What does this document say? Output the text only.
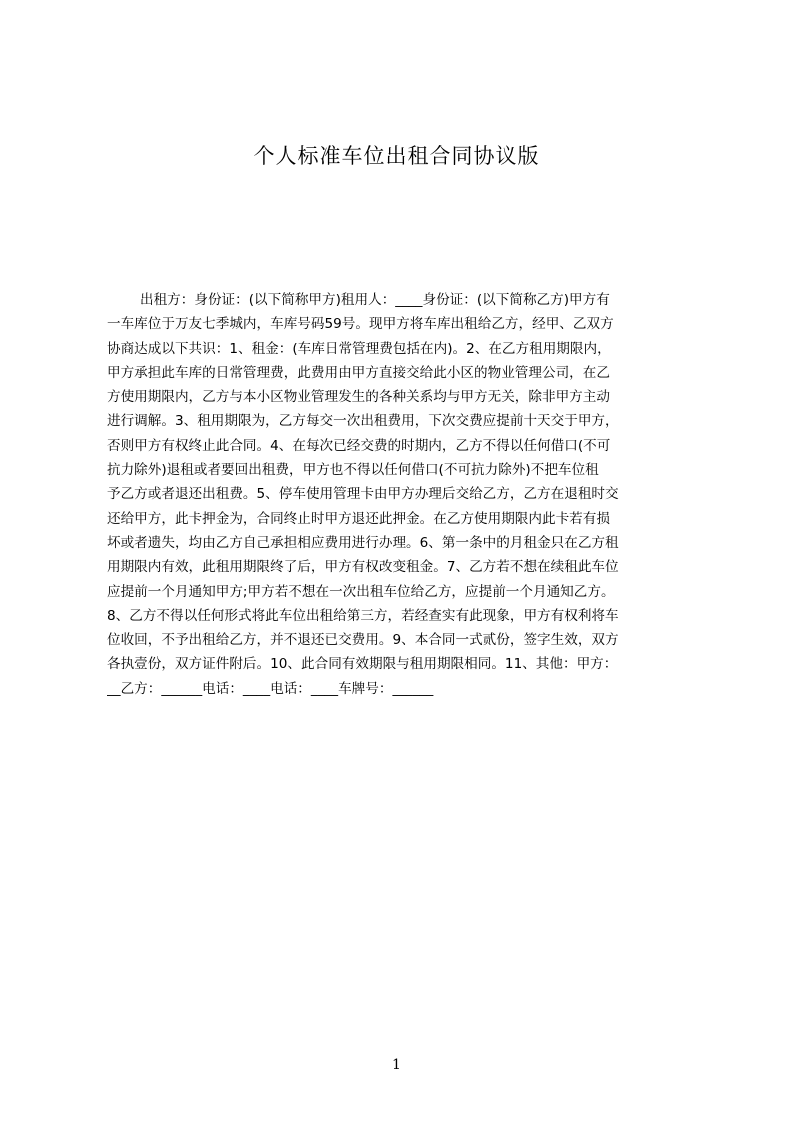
个人标准车位出租合同协议版
出租方：身份证：(以下简称甲方)租用人：____身份证：(以下简称乙方)甲方有
一车库位于万友七季城内，车库号码59号。现甲方将车库出租给乙方，经甲、乙双方
协商达成以下共识：1、租金：(车库日常管理费包括在内)。2、在乙方租用期限内，
甲方承担此车库的日常管理费，此费用由甲方直接交给此小区的物业管理公司，在乙
方使用期限内，乙方与本小区物业管理发生的各种关系均与甲方无关，除非甲方主动
进行调解。3、租用期限为，乙方每交一次出租费用，下次交费应提前十天交于甲方，
否则甲方有权终止此合同。4、在每次已经交费的时期内，乙方不得以任何借口(不可
抗力除外)退租或者要回出租费，甲方也不得以任何借口(不可抗力除外)不把车位租
予乙方或者退还出租费。5、停车使用管理卡由甲方办理后交给乙方，乙方在退租时交
还给甲方，此卡押金为，合同终止时甲方退还此押金。在乙方使用期限内此卡若有损
坏或者遗失，均由乙方自己承担相应费用进行办理。6、第一条中的月租金只在乙方租
用期限内有效，此租用期限终了后，甲方有权改变租金。7、乙方若不想在续租此车位
应提前一个月通知甲方;甲方若不想在一次出租车位给乙方，应提前一个月通知乙方。
8、乙方不得以任何形式将此车位出租给第三方，若经查实有此现象，甲方有权利将车
位收回，不予出租给乙方，并不退还已交费用。9、本合同一式贰份，签字生效，双方
各执壹份，双方证件附后。10、此合同有效期限与租用期限相同。11、其他：甲方：
__乙方：______电话：____电话：____车牌号：______
1
